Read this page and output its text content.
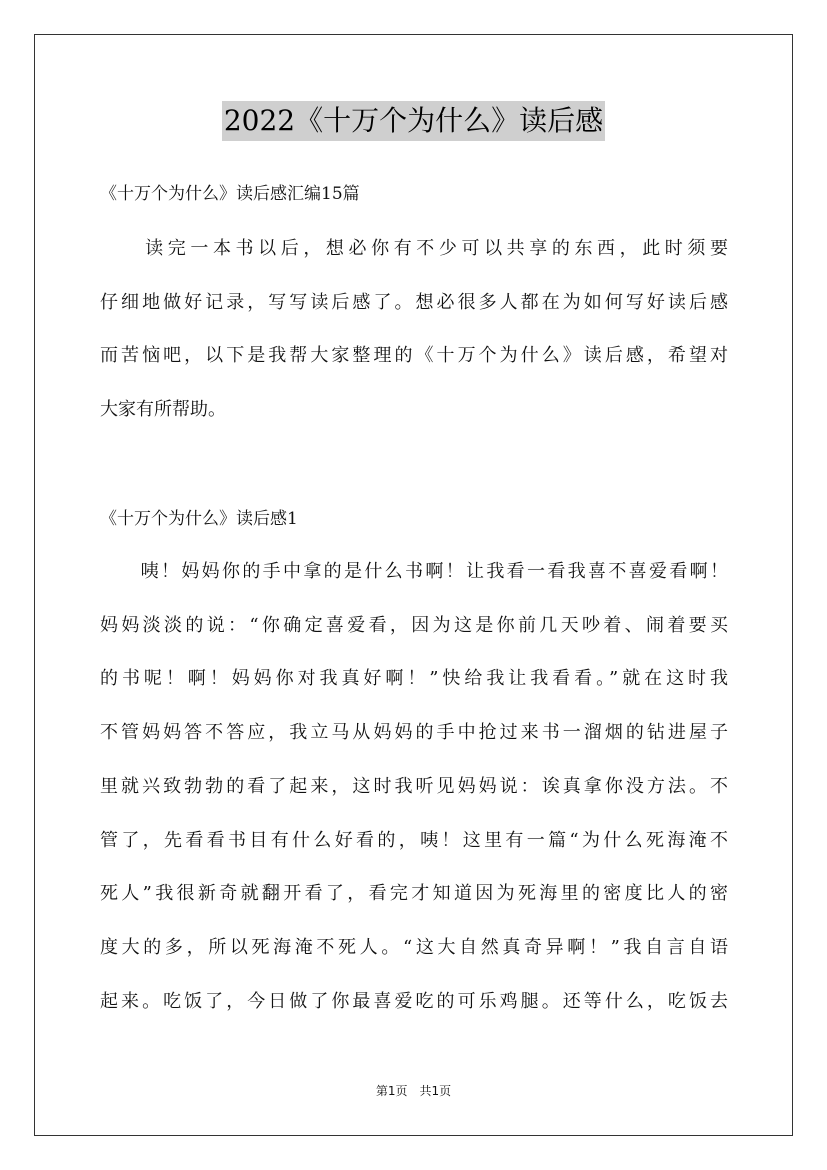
2022《十万个为什么》读后感
《十万个为什么》读后感汇编15篇
　　读完一本书以后，想必你有不少可以共享的东西，此时须要
仔细地做好记录，写写读后感了。想必很多人都在为如何写好读后感
而苦恼吧，以下是我帮大家整理的《十万个为什么》读后感，希望对
大家有所帮助。
《十万个为什么》读后感1
　　咦！妈妈你的手中拿的是什么书啊！让我看一看我喜不喜爱看啊！
妈妈淡淡的说：“你确定喜爱看，因为这是你前几天吵着、闹着要买
的书呢！啊！妈妈你对我真好啊！”快给我让我看看。”就在这时我
不管妈妈答不答应，我立马从妈妈的手中抢过来书一溜烟的钻进屋子
里就兴致勃勃的看了起来，这时我听见妈妈说：诶真拿你没方法。不
管了，先看看书目有什么好看的，咦！这里有一篇“为什么死海淹不
死人”我很新奇就翻开看了，看完才知道因为死海里的密度比人的密
度大的多，所以死海淹不死人。“这大自然真奇异啊！”我自言自语
起来。吃饭了，今日做了你最喜爱吃的可乐鸡腿。还等什么，吃饭去
第1页　共1页
